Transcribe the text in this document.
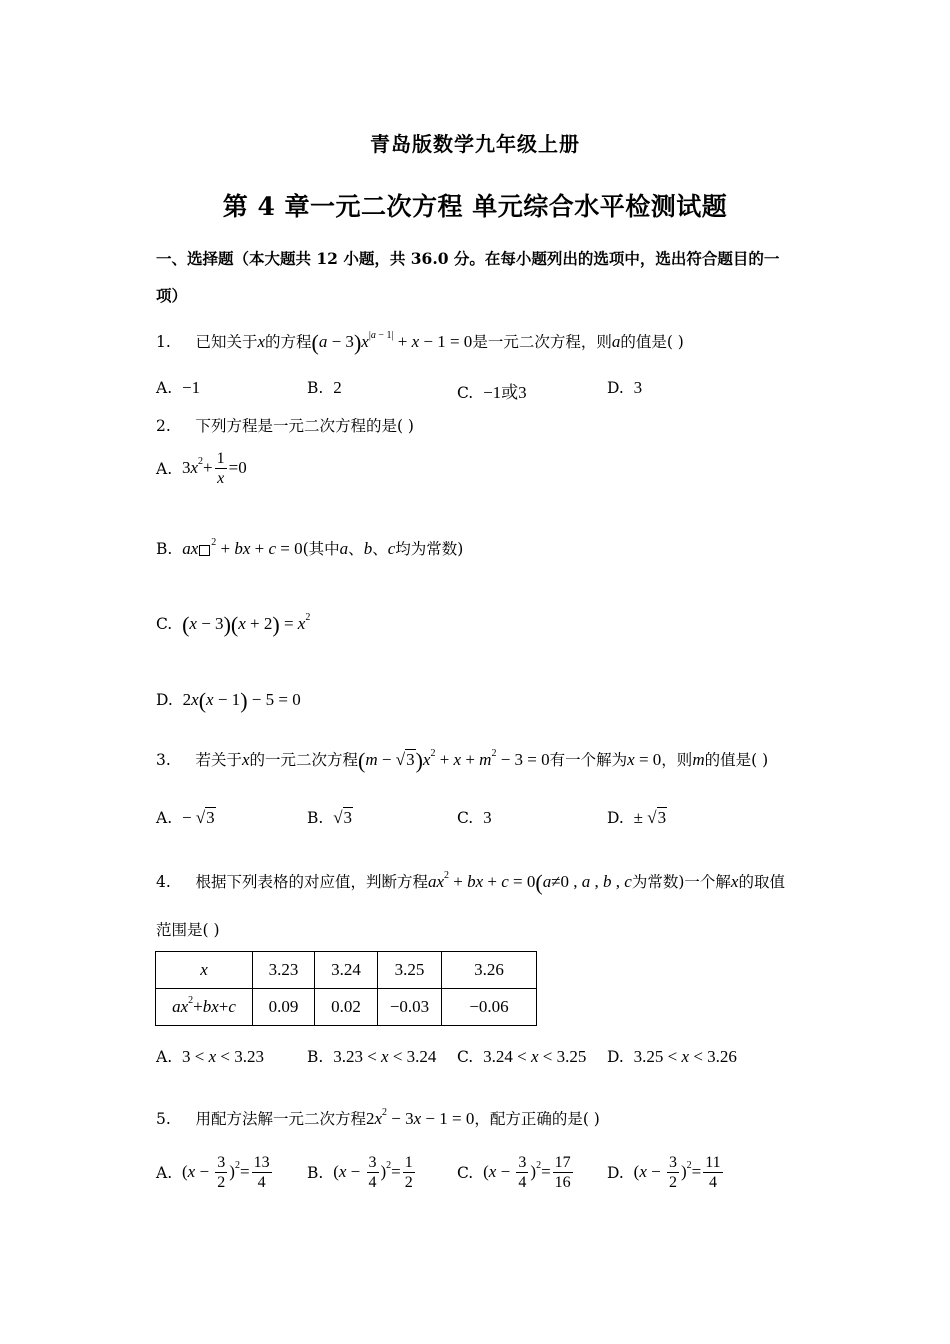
青岛版数学九年级上册
第 4 章一元二次方程 单元综合水平检测试题
一、选择题（本大题共 12 小题，共 36.0 分。在每小题列出的选项中，选出符合题目的一
项）
1. 已知关于x的方程$(a - 3)x^{|a - 1|} + x - 1 = 0$是一元二次方程，则a的值是( )
A. −1	B. 2	C. −1或3	D. 3
2. 下列方程是一元二次方程的是( )
A. $3x^2+ \frac{1}{x} =0$
B. ax $^2$ + bx + c = 0(其中a、b、c均为常数)
C. $(x - 3)(x + 2) = x^2$
D. 2x(x − 1) − 5 = 0
3. 若关于x的一元二次方程$(m - √3)x^2 + x + m^2 - 3 = 0$有一个解为x = 0，则m的值是( )
A. − √3	B. √3	C. 3	D. ± √3
4. 根据下列表格的对应值，判断方程$ax^2$ + bx + c = 0(a≠0 , a , b , c为常数)一个解x的取值
范围是( )
x	3.23	3.24	3.25	3.26
$ax^2+bx+c$	0.09	0.02	−0.03	−0.06
A. 3 < x < 3.23	B. 3.23 < x < 3.24 C. 3.24 < x < 3.25 D. 3.25 < x < 3.26
5. 用配方法解一元二次方程$2x^2 - 3x - 1 = 0$，配方正确的是( )
A. $(x - \frac{3}{2} )^2= \frac{13}{4} B$. $(x - \frac{3}{4} )^2= \frac{1}{2}$	C. $(x - \frac{3}{4} )^2= \frac{17}{16} D$. $(x - \frac{3}{2} )^2= \frac{11}{4}$
